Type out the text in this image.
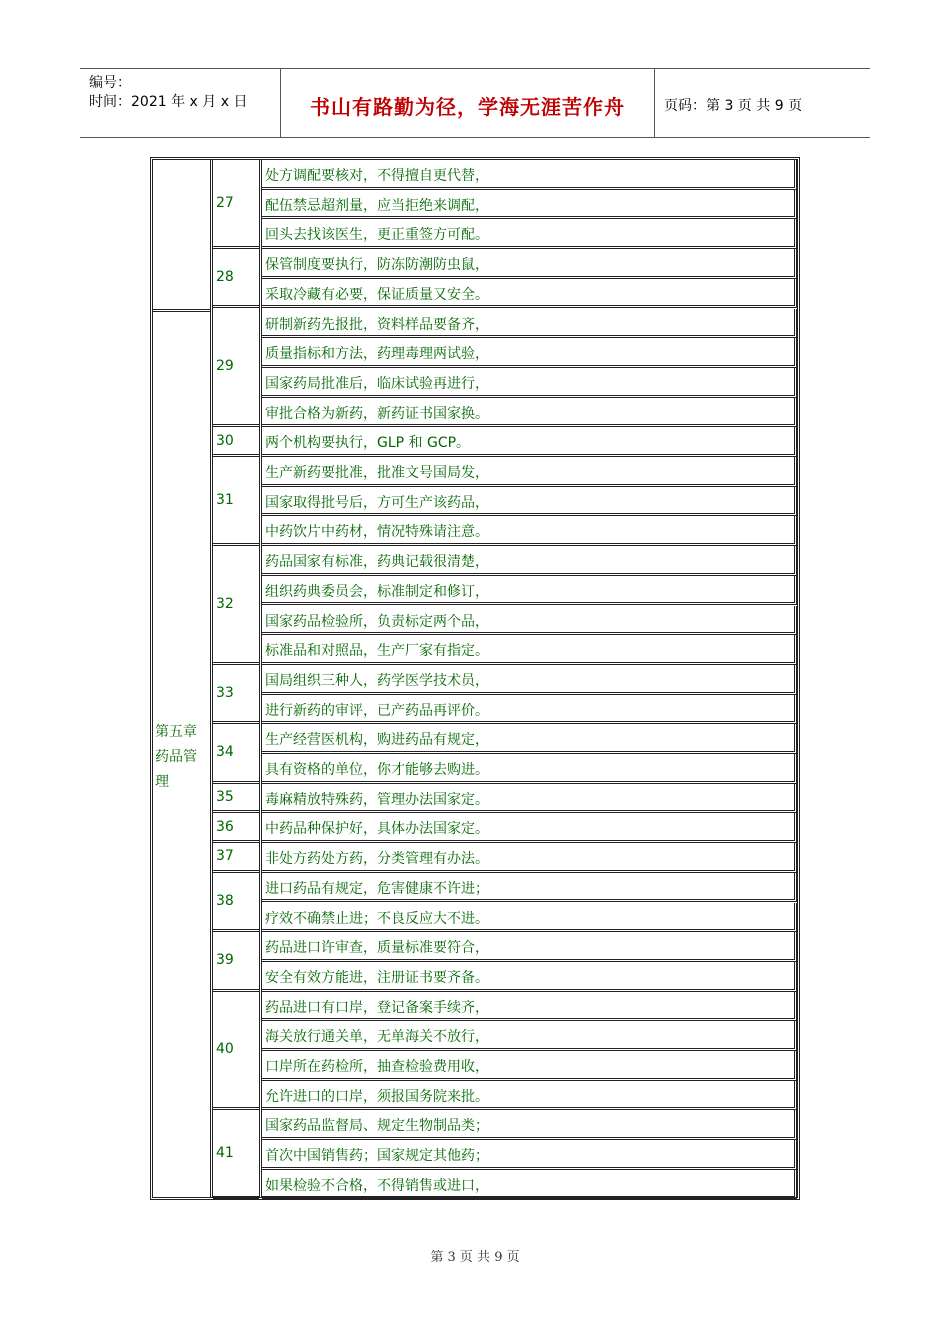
编号：
时间：2021 年 x 月 x 日	书山有路勤为径，学海无涯苦作舟	页码：第 3 页 共 9 页
第五章药品管理
27
处方调配要核对，不得擅自更代替，
配伍禁忌超剂量，应当拒绝来调配，
回头去找该医生，更正重签方可配。
28
保管制度要执行，防冻防潮防虫鼠，
采取冷藏有必要，保证质量又安全。
29
研制新药先报批，资料样品要备齐，
质量指标和方法，药理毒理两试验，
国家药局批准后，临床试验再进行，
审批合格为新药，新药证书国家换。
30 两个机构要执行，GLP 和 GCP。
31
生产新药要批准，批准文号国局发，
国家取得批号后，方可生产该药品，
中药饮片中药材，情况特殊请注意。
32
药品国家有标准，药典记载很清楚，
组织药典委员会，标准制定和修订，
国家药品检验所，负责标定两个品，
标准品和对照品，生产厂家有指定。
33
国局组织三种人，药学医学技术员，
进行新药的审评，已产药品再评价。
34
生产经营医机构，购进药品有规定，
具有资格的单位，你才能够去购进。
35 毒麻精放特殊药，管理办法国家定。
36 中药品种保护好，具体办法国家定。
37 非处方药处方药，分类管理有办法。
38
进口药品有规定，危害健康不许进；
疗效不确禁止进；不良反应大不进。
39
药品进口许审查，质量标准要符合，
安全有效方能进，注册证书要齐备。
40
药品进口有口岸，登记备案手续齐，
海关放行通关单，无单海关不放行，
口岸所在药检所，抽查检验费用收，
允许进口的口岸，须报国务院来批。
41
国家药品监督局、规定生物制品类；
首次中国销售药；国家规定其他药；
如果检验不合格，不得销售或进口，
第 3 页 共 9 页
